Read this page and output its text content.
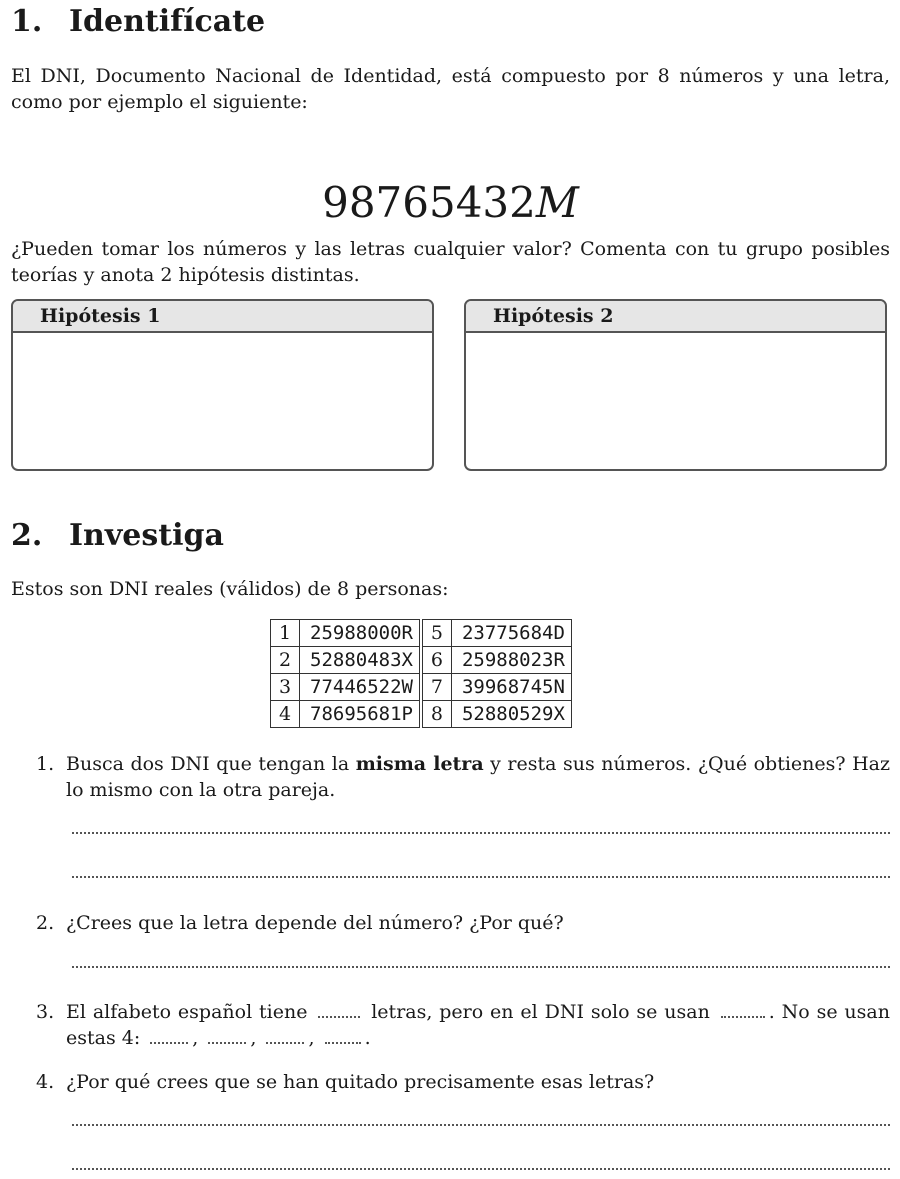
1. Identifícate

El DNI, Documento Nacional de Identidad, está compuesto por 8 números y una letra, como por ejemplo el siguiente:

98765432M

¿Pueden tomar los números y las letras cualquier valor? Comenta con tu grupo posibles teorías y anota 2 hipótesis distintas.

Hipótesis 1	Hipótesis 2
2. Investiga

Estos son DNI reales (válidos) de 8 personas:

1	25988000R	5	23775684D
2	52880483X	6	25988023R
3	77446522W	7	39968745N
4	78695681P	8	52880529X
1. Busca dos DNI que tengan la misma letra y resta sus números. ¿Qué obtienes? Haz lo mismo con la otra pareja.
2. ¿Crees que la letra depende del número? ¿Por qué?
3. El alfabeto español tiene	letras, pero en el DNI solo se usan	. No se usan estas 4:	,	,	,	.
4. ¿Por qué crees que se han quitado precisamente esas letras?
